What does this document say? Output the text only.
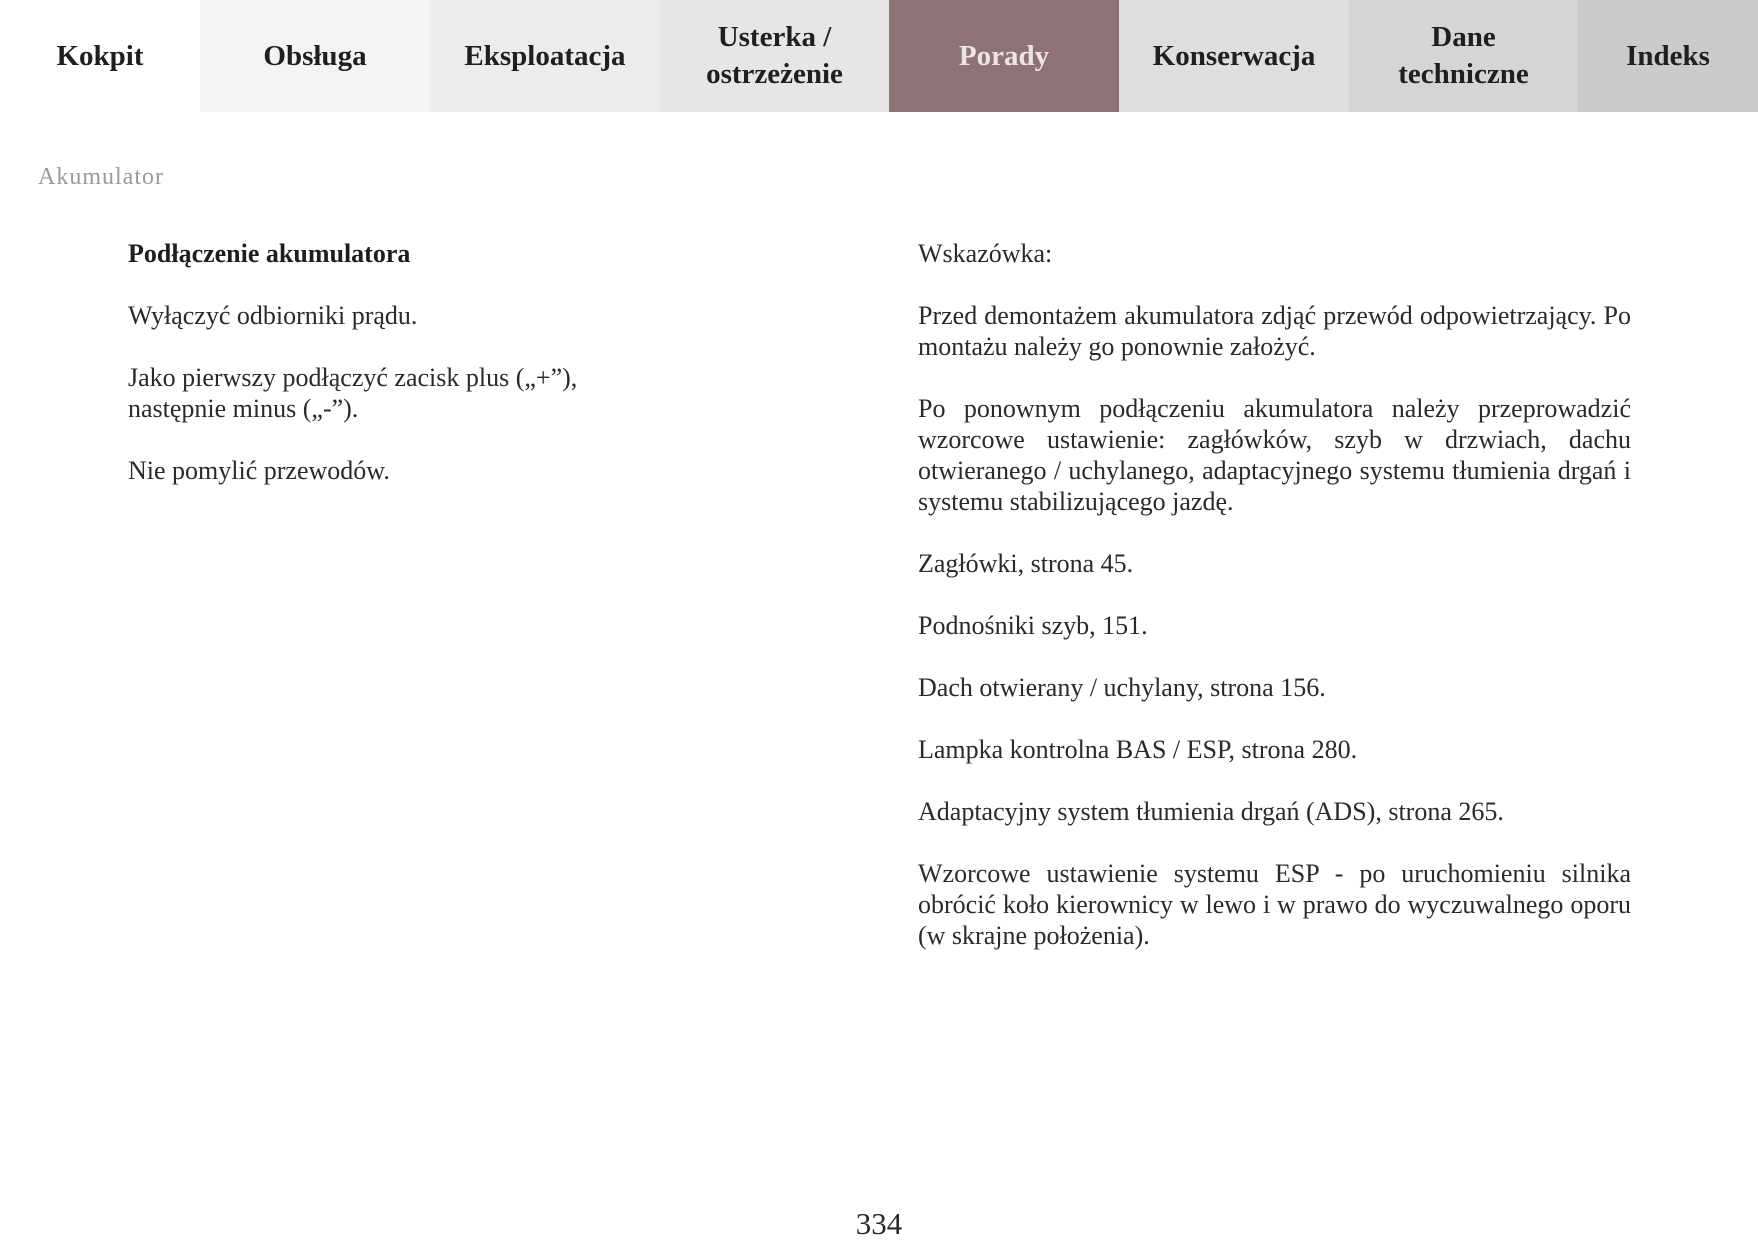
Kokpit	Obsługa	Eksploatacja
Usterka /
ostrzeżenie
Porady	Konserwacja
Dane
techniczne
Indeks
Akumulator

Podłączenie akumulatora

Wyłączyć odbiorniki prądu.

Jako pierwszy podłączyć zacisk plus („+”), następnie minus („-”).

Nie pomylić przewodów.

Wskazówka:

Przed demontażem akumulatora zdjąć przewód odpowietrzający. Po montażu należy go ponownie założyć.

Po ponownym podłączeniu akumulatora należy przeprowadzić wzorcowe ustawienie: zagłówków, szyb w drzwiach, dachu otwieranego / uchylanego, adaptacyjnego systemu tłumienia drgań i systemu stabilizującego jazdę.

Zagłówki, strona 45.

Podnośniki szyb, 151.

Dach otwierany / uchylany, strona 156.

Lampka kontrolna BAS / ESP, strona 280.

Adaptacyjny system tłumienia drgań (ADS), strona 265.

Wzorcowe ustawienie systemu ESP - po uruchomieniu silnika obrócić koło kierownicy w lewo i w prawo do wyczuwalnego oporu (w skrajne położenia).

334
